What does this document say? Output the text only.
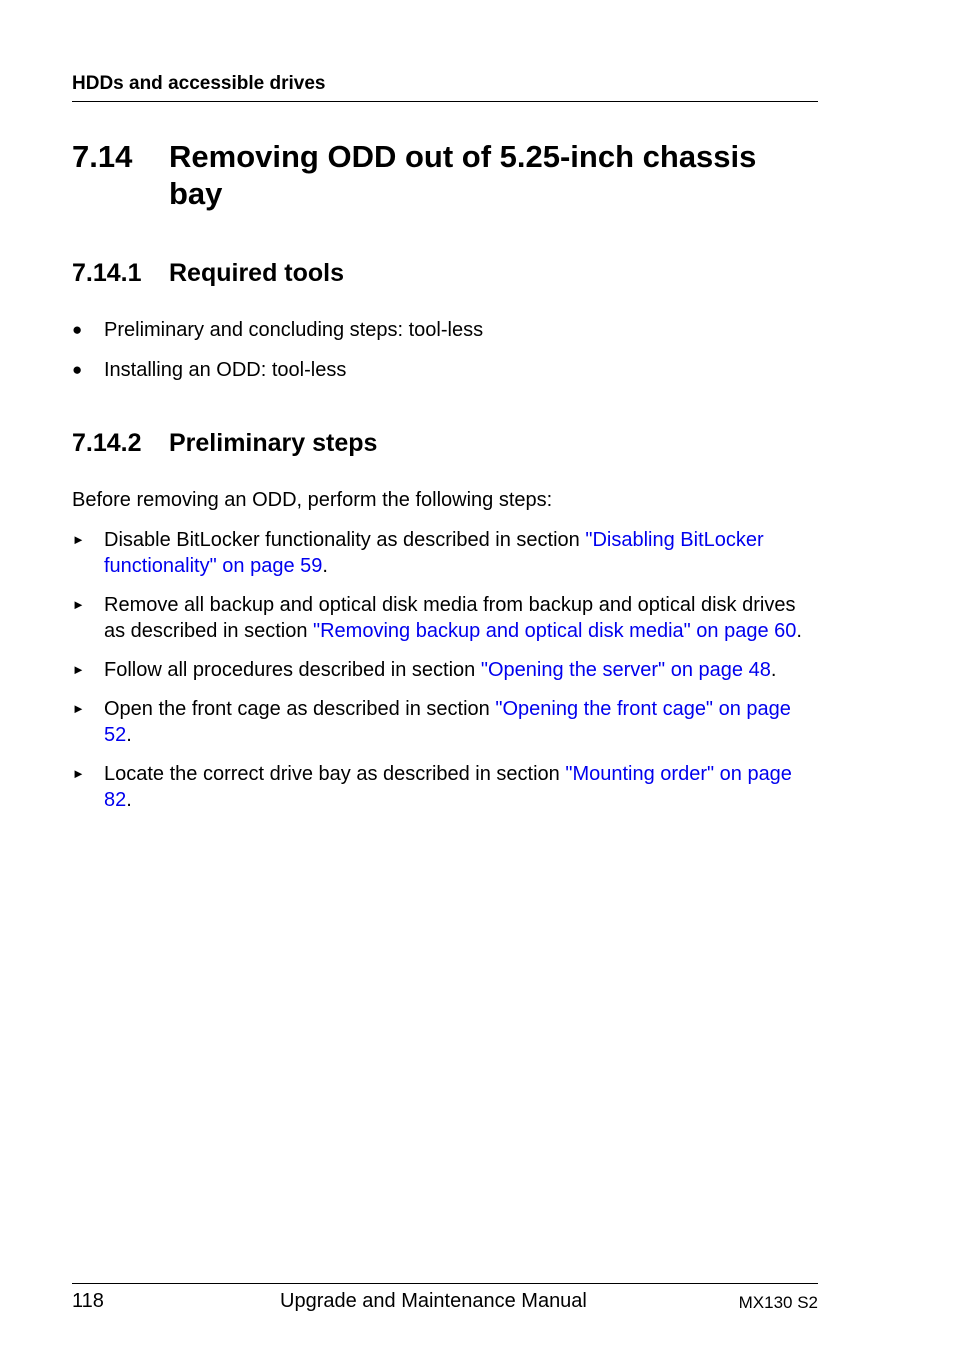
HDDs and accessible drives
7.14	Removing ODD out of 5.25-inch chassis bay
7.14.1	Required tools
●	Preliminary and concluding steps: tool-less
●	Installing an ODD: tool-less
7.14.2	Preliminary steps
Before removing an ODD, perform the following steps:
► Disable BitLocker functionality as described in section "Disabling BitLocker functionality" on page 59.
► Remove all backup and optical disk media from backup and optical disk drives as described in section "Removing backup and optical disk media" on page 60.
► Follow all procedures described in section "Opening the server" on page 48.
► Open the front cage as described in section "Opening the front cage" on page 52.
► Locate the correct drive bay as described in section "Mounting order" on page 82.
118	Upgrade and Maintenance Manual	MX130 S2
